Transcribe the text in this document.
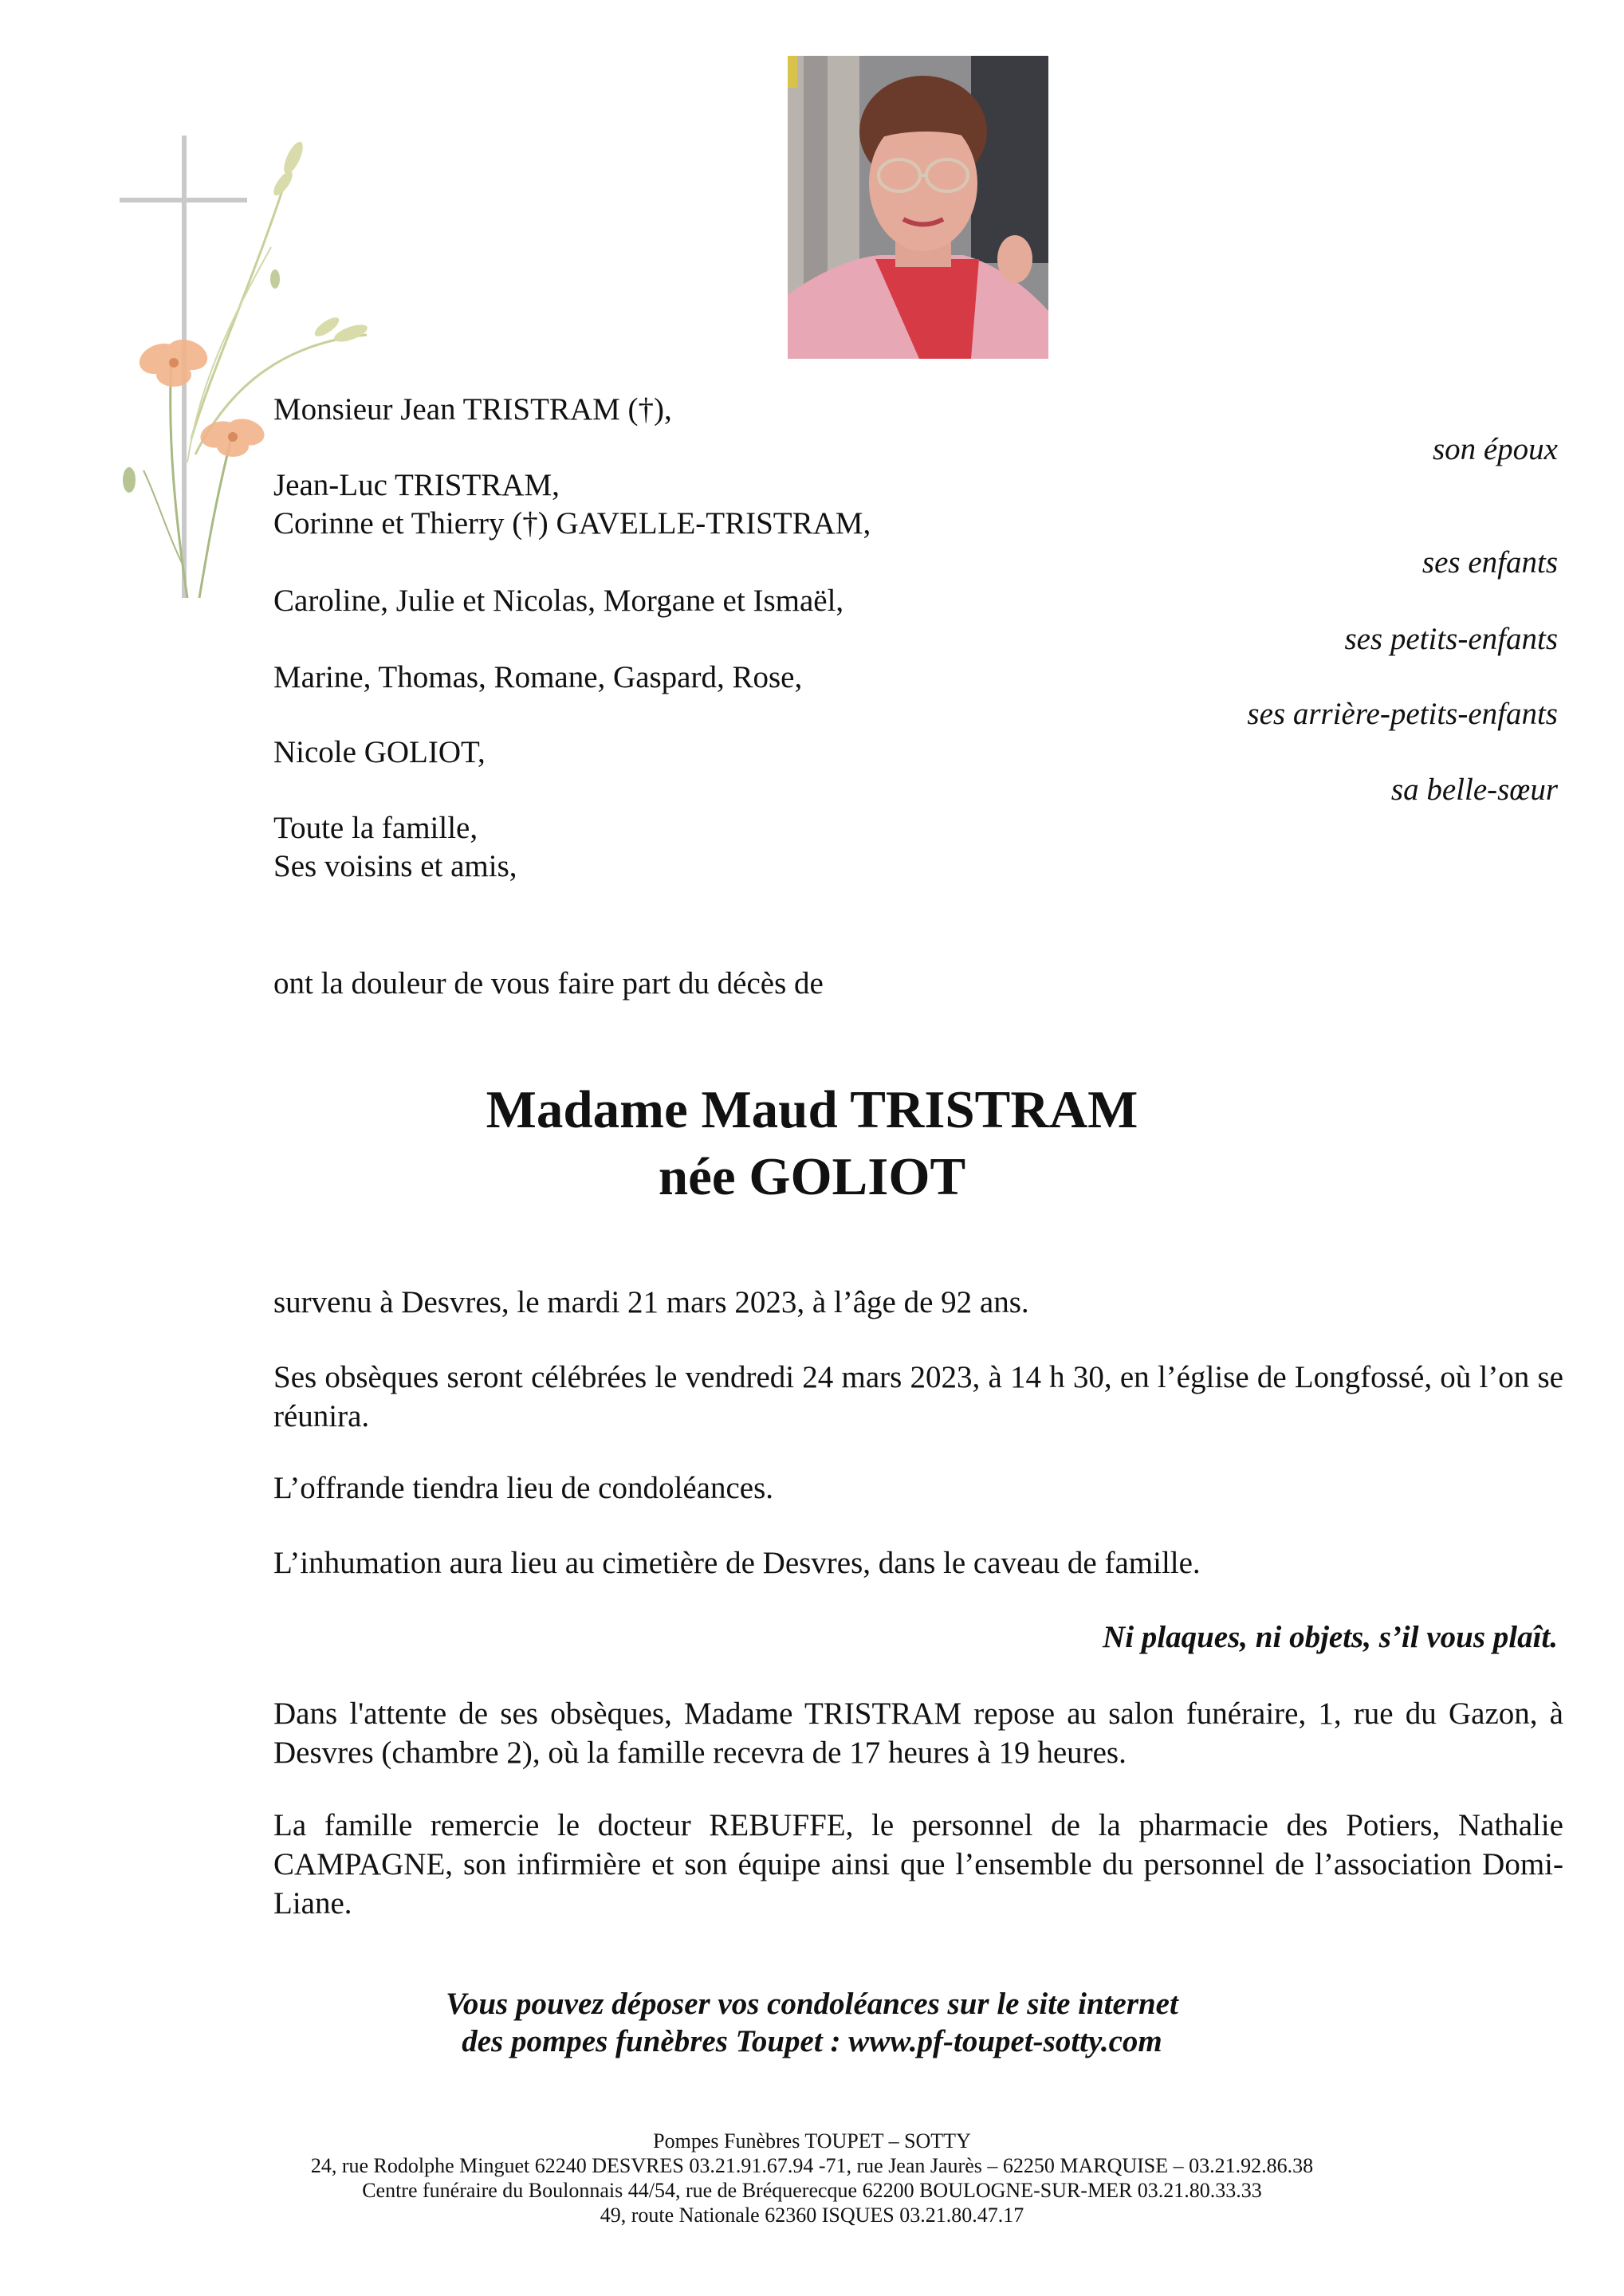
Monsieur Jean TRISTRAM (†),
son époux
Jean-Luc TRISTRAM,
Corinne et Thierry (†) GAVELLE-TRISTRAM,
ses enfants
Caroline, Julie et Nicolas, Morgane et Ismaël,
ses petits-enfants
Marine, Thomas, Romane, Gaspard, Rose,
ses arrière-petits-enfants
Nicole GOLIOT,
sa belle-sœur
Toute la famille,
Ses voisins et amis,
ont la douleur de vous faire part du décès de
Madame Maud TRISTRAM
née GOLIOT
survenu à Desvres, le mardi 21 mars 2023, à l’âge de 92 ans.
Ses obsèques seront célébrées le vendredi 24 mars 2023, à 14 h 30, en l’église de Longfossé, où l’on se réunira.
L’offrande tiendra lieu de condoléances.
L’inhumation aura lieu au cimetière de Desvres, dans le caveau de famille.
Ni plaques, ni objets, s’il vous plaît.
Dans l'attente de ses obsèques, Madame TRISTRAM repose au salon funéraire, 1, rue du Gazon, à Desvres (chambre 2), où la famille recevra de 17 heures à 19 heures.
La famille remercie le docteur REBUFFE, le personnel de la pharmacie des Potiers, Nathalie CAMPAGNE, son infirmière et son équipe ainsi que l’ensemble du personnel de l’association Domi-Liane.
Vous pouvez déposer vos condoléances sur le site internet
des pompes funèbres Toupet : www.pf-toupet-sotty.com
Pompes Funèbres TOUPET – SOTTY
24, rue Rodolphe Minguet 62240 DESVRES 03.21.91.67.94 -71, rue Jean Jaurès – 62250 MARQUISE – 03.21.92.86.38
Centre funéraire du Boulonnais 44/54, rue de Bréquerecque 62200 BOULOGNE-SUR-MER 03.21.80.33.33
49, route Nationale 62360 ISQUES 03.21.80.47.17
